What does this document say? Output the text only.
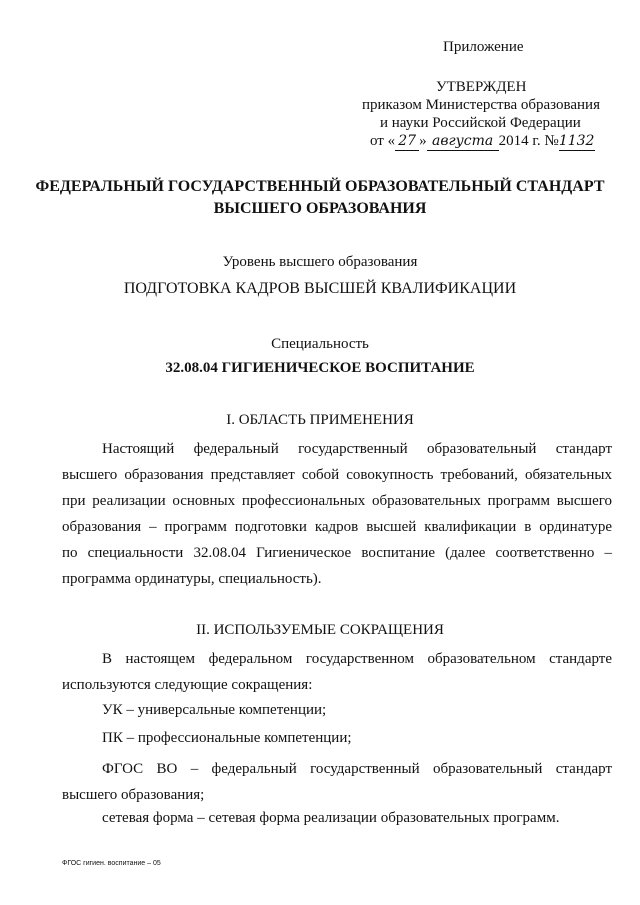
Приложение
УТВЕРЖДЕН
приказом Министерства образования
и науки Российской Федерации
от « 27 » августа 2014 г. №1132
ФЕДЕРАЛЬНЫЙ ГОСУДАРСТВЕННЫЙ ОБРАЗОВАТЕЛЬНЫЙ СТАНДАРТ
ВЫСШЕГО ОБРАЗОВАНИЯ
Уровень высшего образования
ПОДГОТОВКА КАДРОВ ВЫСШЕЙ КВАЛИФИКАЦИИ
Специальность
32.08.04 ГИГИЕНИЧЕСКОЕ ВОСПИТАНИЕ
I. ОБЛАСТЬ ПРИМЕНЕНИЯ
Настоящий федеральный государственный образовательный стандарт
высшего образования представляет собой совокупность требований, обязательных
при реализации основных профессиональных образовательных программ высшего
образования – программ подготовки кадров высшей квалификации в ординатуре
по специальности 32.08.04 Гигиеническое воспитание (далее соответственно –
программа ординатуры, специальность).
II. ИСПОЛЬЗУЕМЫЕ СОКРАЩЕНИЯ
В настоящем федеральном государственном образовательном стандарте
используются следующие сокращения:
УК – универсальные компетенции;
ПК – профессиональные компетенции;
ФГОС ВО – федеральный государственный образовательный стандарт
высшего образования;
сетевая форма – сетевая форма реализации образовательных программ.
ФГОС гигиен. воспитание – 05
